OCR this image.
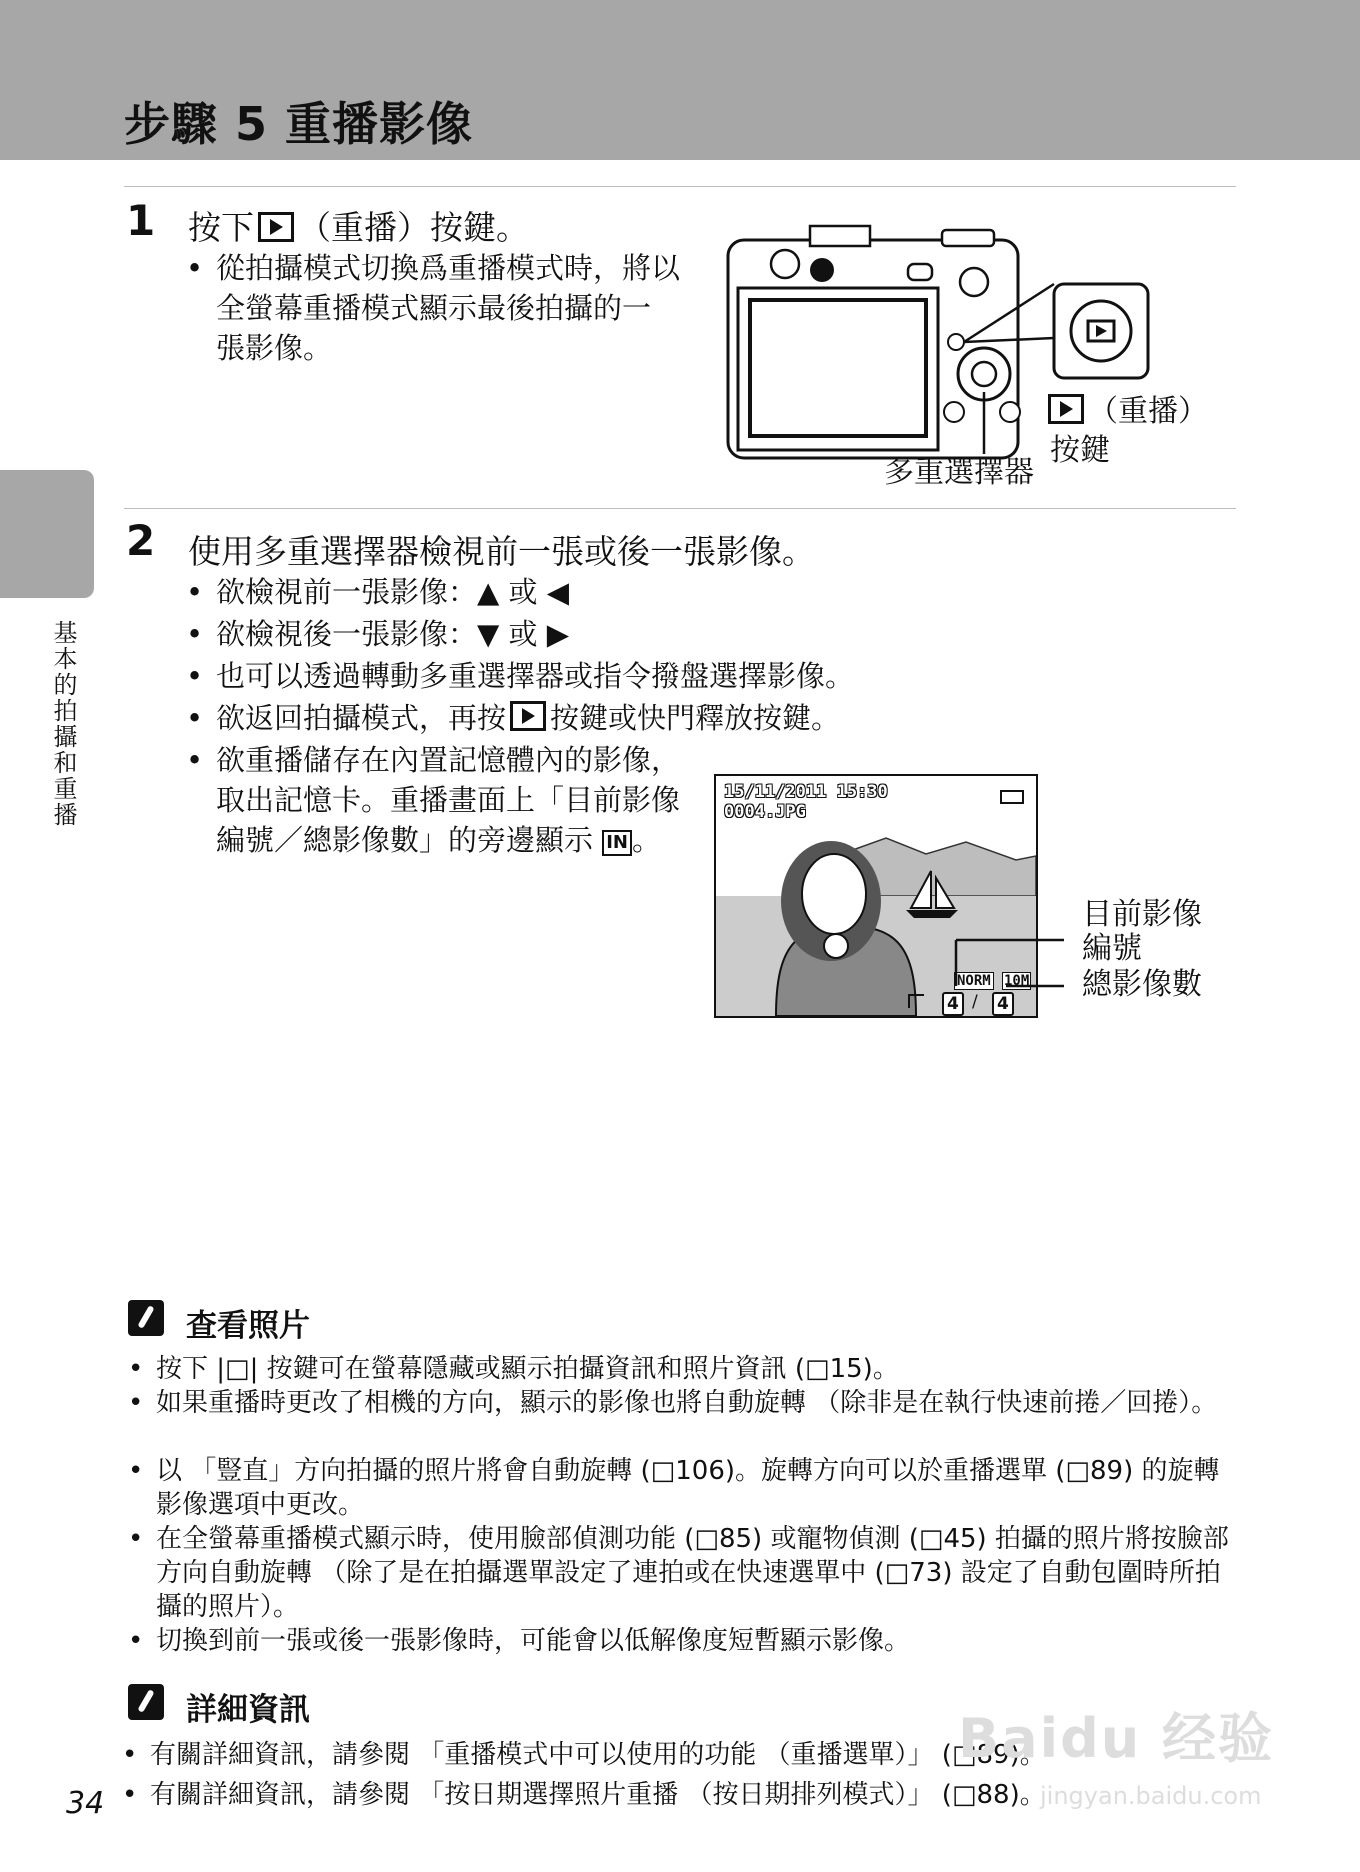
步驟 5 重播影像
基本的拍攝和重播
1 按下 （重播）按鍵。
• 從拍攝模式切換爲重播模式時，將以
全螢幕重播模式顯示最後拍攝的一
張影像。
（重播）
按鍵
多重選擇器
2 使用多重選擇器檢視前一張或後一張影像。
• 欲檢視前一張影像：▲ 或 ◀
• 欲檢視後一張影像：▼ 或 ▶
• 也可以透過轉動多重選擇器或指令撥盤選擇影像。
• 欲返回拍攝模式，再按 按鍵或快門釋放按鍵。
• 欲重播儲存在內置記憶體內的影像，
取出記憶卡。重播畫面上「目前影像
編號／總影像數」的旁邊顯示 IN 。
15/11/2011 15:30
0004.JPG
NORM 10M
4 / 4
目前影像
編號
總影像數
查看照片
• 按下 |□| 按鍵可在螢幕隱藏或顯示拍攝資訊和照片資訊 (□15)。
• 如果重播時更改了相機的方向，顯示的影像也將自動旋轉 （除非是在執行快速前捲／回捲）。
• 以 「豎直」方向拍攝的照片將會自動旋轉 (□106)。旋轉方向可以於重播選單 (□89) 的旋轉影像選項中更改。
• 在全螢幕重播模式顯示時，使用臉部偵測功能 (□85) 或寵物偵測 (□45) 拍攝的照片將按臉部方向自動旋轉 （除了是在拍攝選單設定了連拍或在快速選單中 (□73) 設定了自動包圍時所拍攝的照片）。
• 切換到前一張或後一張影像時，可能會以低解像度短暫顯示影像。
詳細資訊
• 有關詳細資訊，請參閱 「重播模式中可以使用的功能 （重播選單）」 (□89)。
• 有關詳細資訊，請參閱 「按日期選擇照片重播 （按日期排列模式）」 (□88)。
34
Baidu 经验
jingyan.baidu.com
